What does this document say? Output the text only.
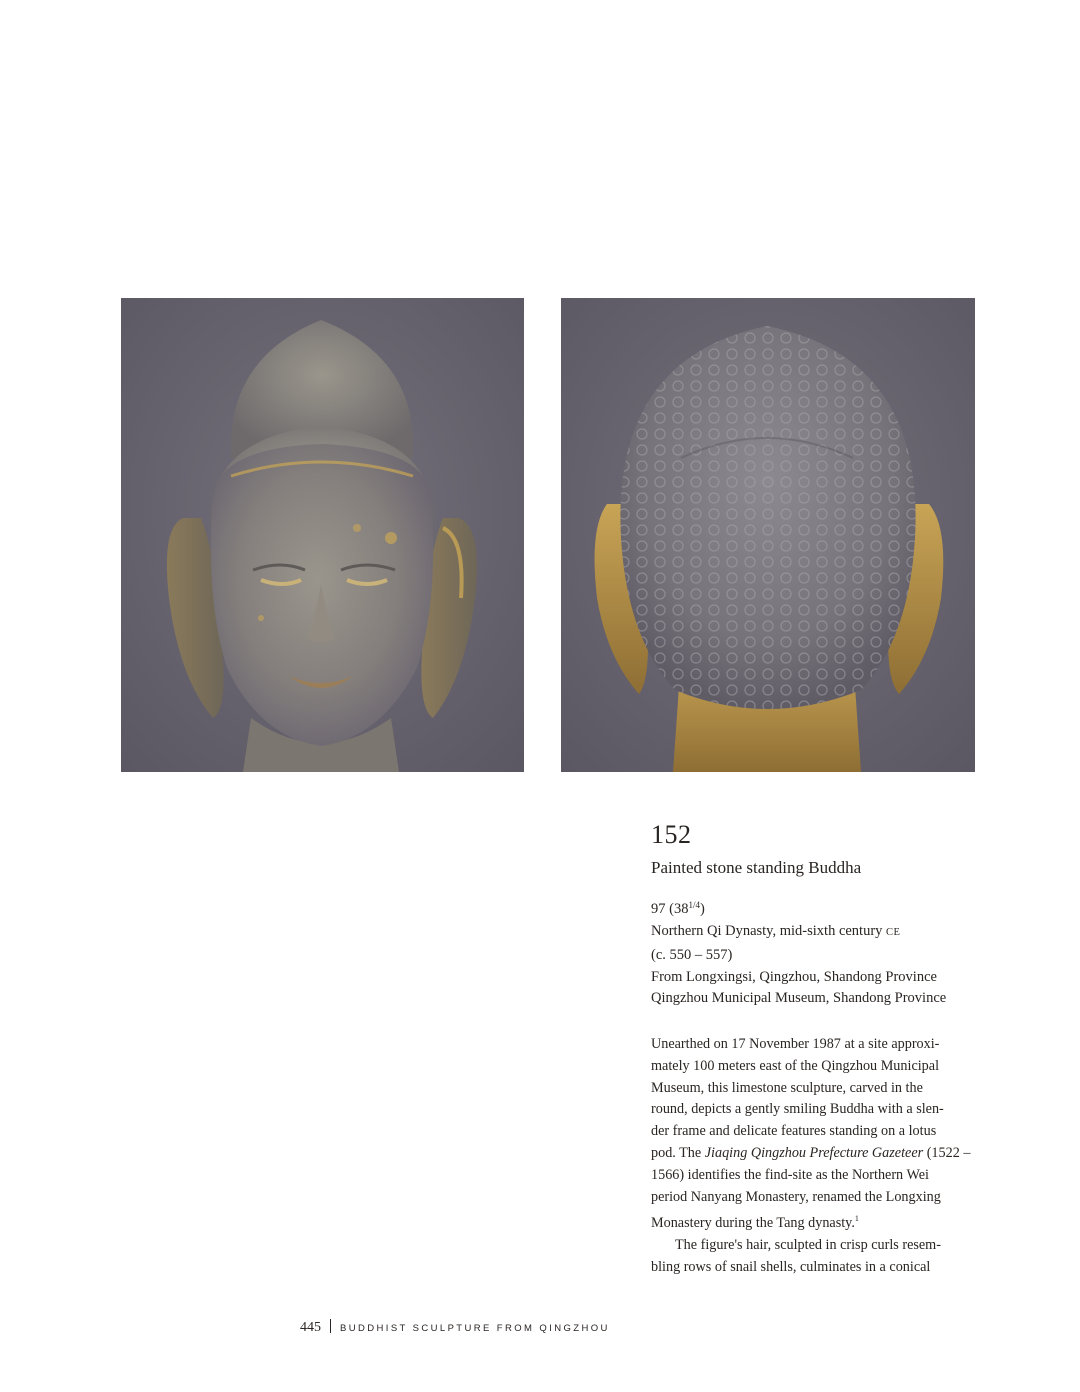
152
Painted stone standing Buddha
97 $(38^{1/4})$
Northern Qi Dynasty, mid-sixth century CE
(c. 550 – 557)
From Longxingsi, Qingzhou, Shandong Province
Qingzhou Municipal Museum, Shandong Province
Unearthed on 17 November 1987 at a site approxi-
mately 100 meters east of the Qingzhou Municipal
Museum, this limestone sculpture, carved in the
round, depicts a gently smiling Buddha with a slen-
der frame and delicate features standing on a lotus
pod. The Jiaqing Qingzhou Prefecture Gazeteer (1522 –
1566) identifies the find-site as the Northern Wei
period Nanyang Monastery, renamed the Longxing
Monastery during the Tang dynasty.$^1$
The figure's hair, sculpted in crisp curls resem-
bling rows of snail shells, culminates in a conical
445 BUDDHIST SCULPTURE FROM QINGZHOU
